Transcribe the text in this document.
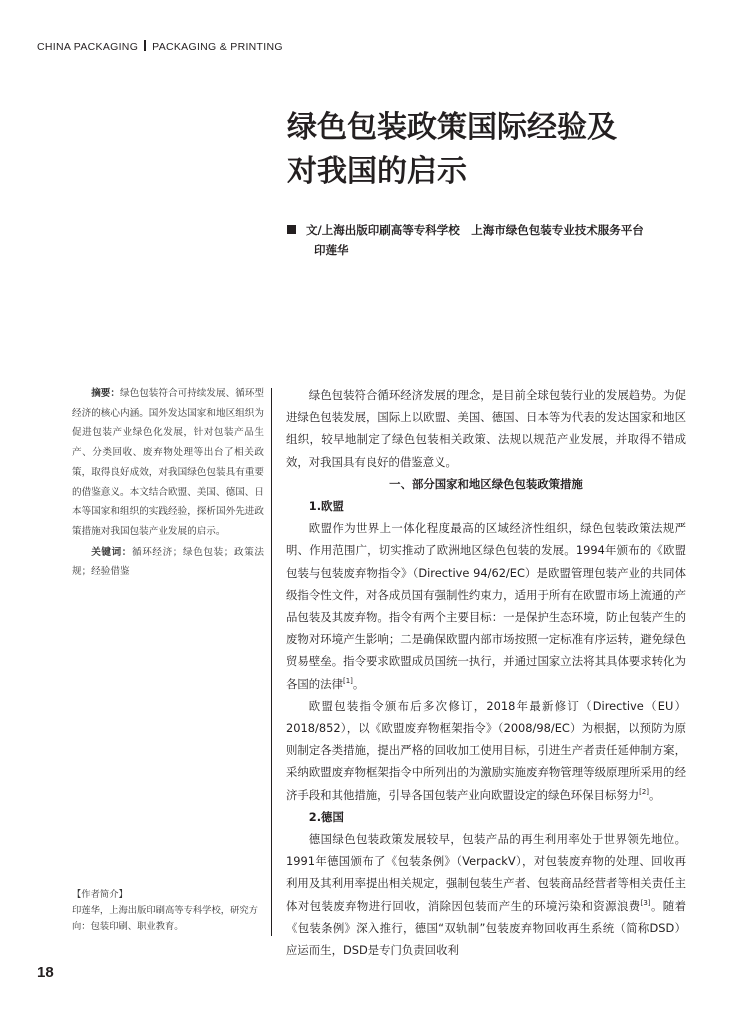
CHINA PACKAGING PACKAGING & PRINTING
绿色包装政策国际经验及
对我国的启示
文/上海出版印刷高等专科学校　上海市绿色包装专业技术服务平台
印莲华

摘要：绿色包装符合可持续发展、循环型经济的核心内涵。国外发达国家和地区组织为促进包装产业绿色化发展，针对包装产品生产、分类回收、废弃物处理等出台了相关政策，取得良好成效，对我国绿色包装具有重要的借鉴意义。本文结合欧盟、美国、德国、日本等国家和组织的实践经验，探析国外先进政策措施对我国包装产业发展的启示。

关键词：循环经济；绿色包装；政策法规；经验借鉴

【作者简介】

印莲华，上海出版印刷高等专科学校，研究方向：包装印刷、职业教育。

绿色包装符合循环经济发展的理念，是目前全球包装行业的发展趋势。为促进绿色包装发展，国际上以欧盟、美国、德国、日本等为代表的发达国家和地区组织，较早地制定了绿色包装相关政策、法规以规范产业发展，并取得不错成效，对我国具有良好的借鉴意义。

一、部分国家和地区绿色包装政策措施

1.欧盟

欧盟作为世界上一体化程度最高的区域经济性组织，绿色包装政策法规严明、作用范围广，切实推动了欧洲地区绿色包装的发展。1994年颁布的《欧盟包装与包装废弃物指令》（Directive 94/62/EC）是欧盟管理包装产业的共同体级指令性文件，对各成员国有强制性约束力，适用于所有在欧盟市场上流通的产品包装及其废弃物。指令有两个主要目标：一是保护生态环境，防止包装产生的废物对环境产生影响；二是确保欧盟内部市场按照一定标准有序运转，避免绿色贸易壁垒。指令要求欧盟成员国统一执行，并通过国家立法将其具体要求转化为各国的法律[1]。

欧盟包装指令颁布后多次修订，2018年最新修订（Directive（EU）2018/852），以《欧盟废弃物框架指令》（2008/98/EC）为根据，以预防为原则制定各类措施，提出严格的回收加工使用目标，引进生产者责任延伸制方案，采纳欧盟废弃物框架指令中所列出的为激励实施废弃物管理等级原理所采用的经济手段和其他措施，引导各国包装产业向欧盟设定的绿色环保目标努力[2]。

2.德国

德国绿色包装政策发展较早，包装产品的再生利用率处于世界领先地位。1991年德国颁布了《包装条例》（VerpackV），对包装废弃物的处理、回收再利用及其利用率提出相关规定，强制包装生产者、包装商品经营者等相关责任主体对包装废弃物进行回收，消除因包装而产生的环境污染和资源浪费[3]。随着《包装条例》深入推行，德国“双轨制”包装废弃物回收再生系统（简称DSD）应运而生，DSD是专门负责回收利

18
